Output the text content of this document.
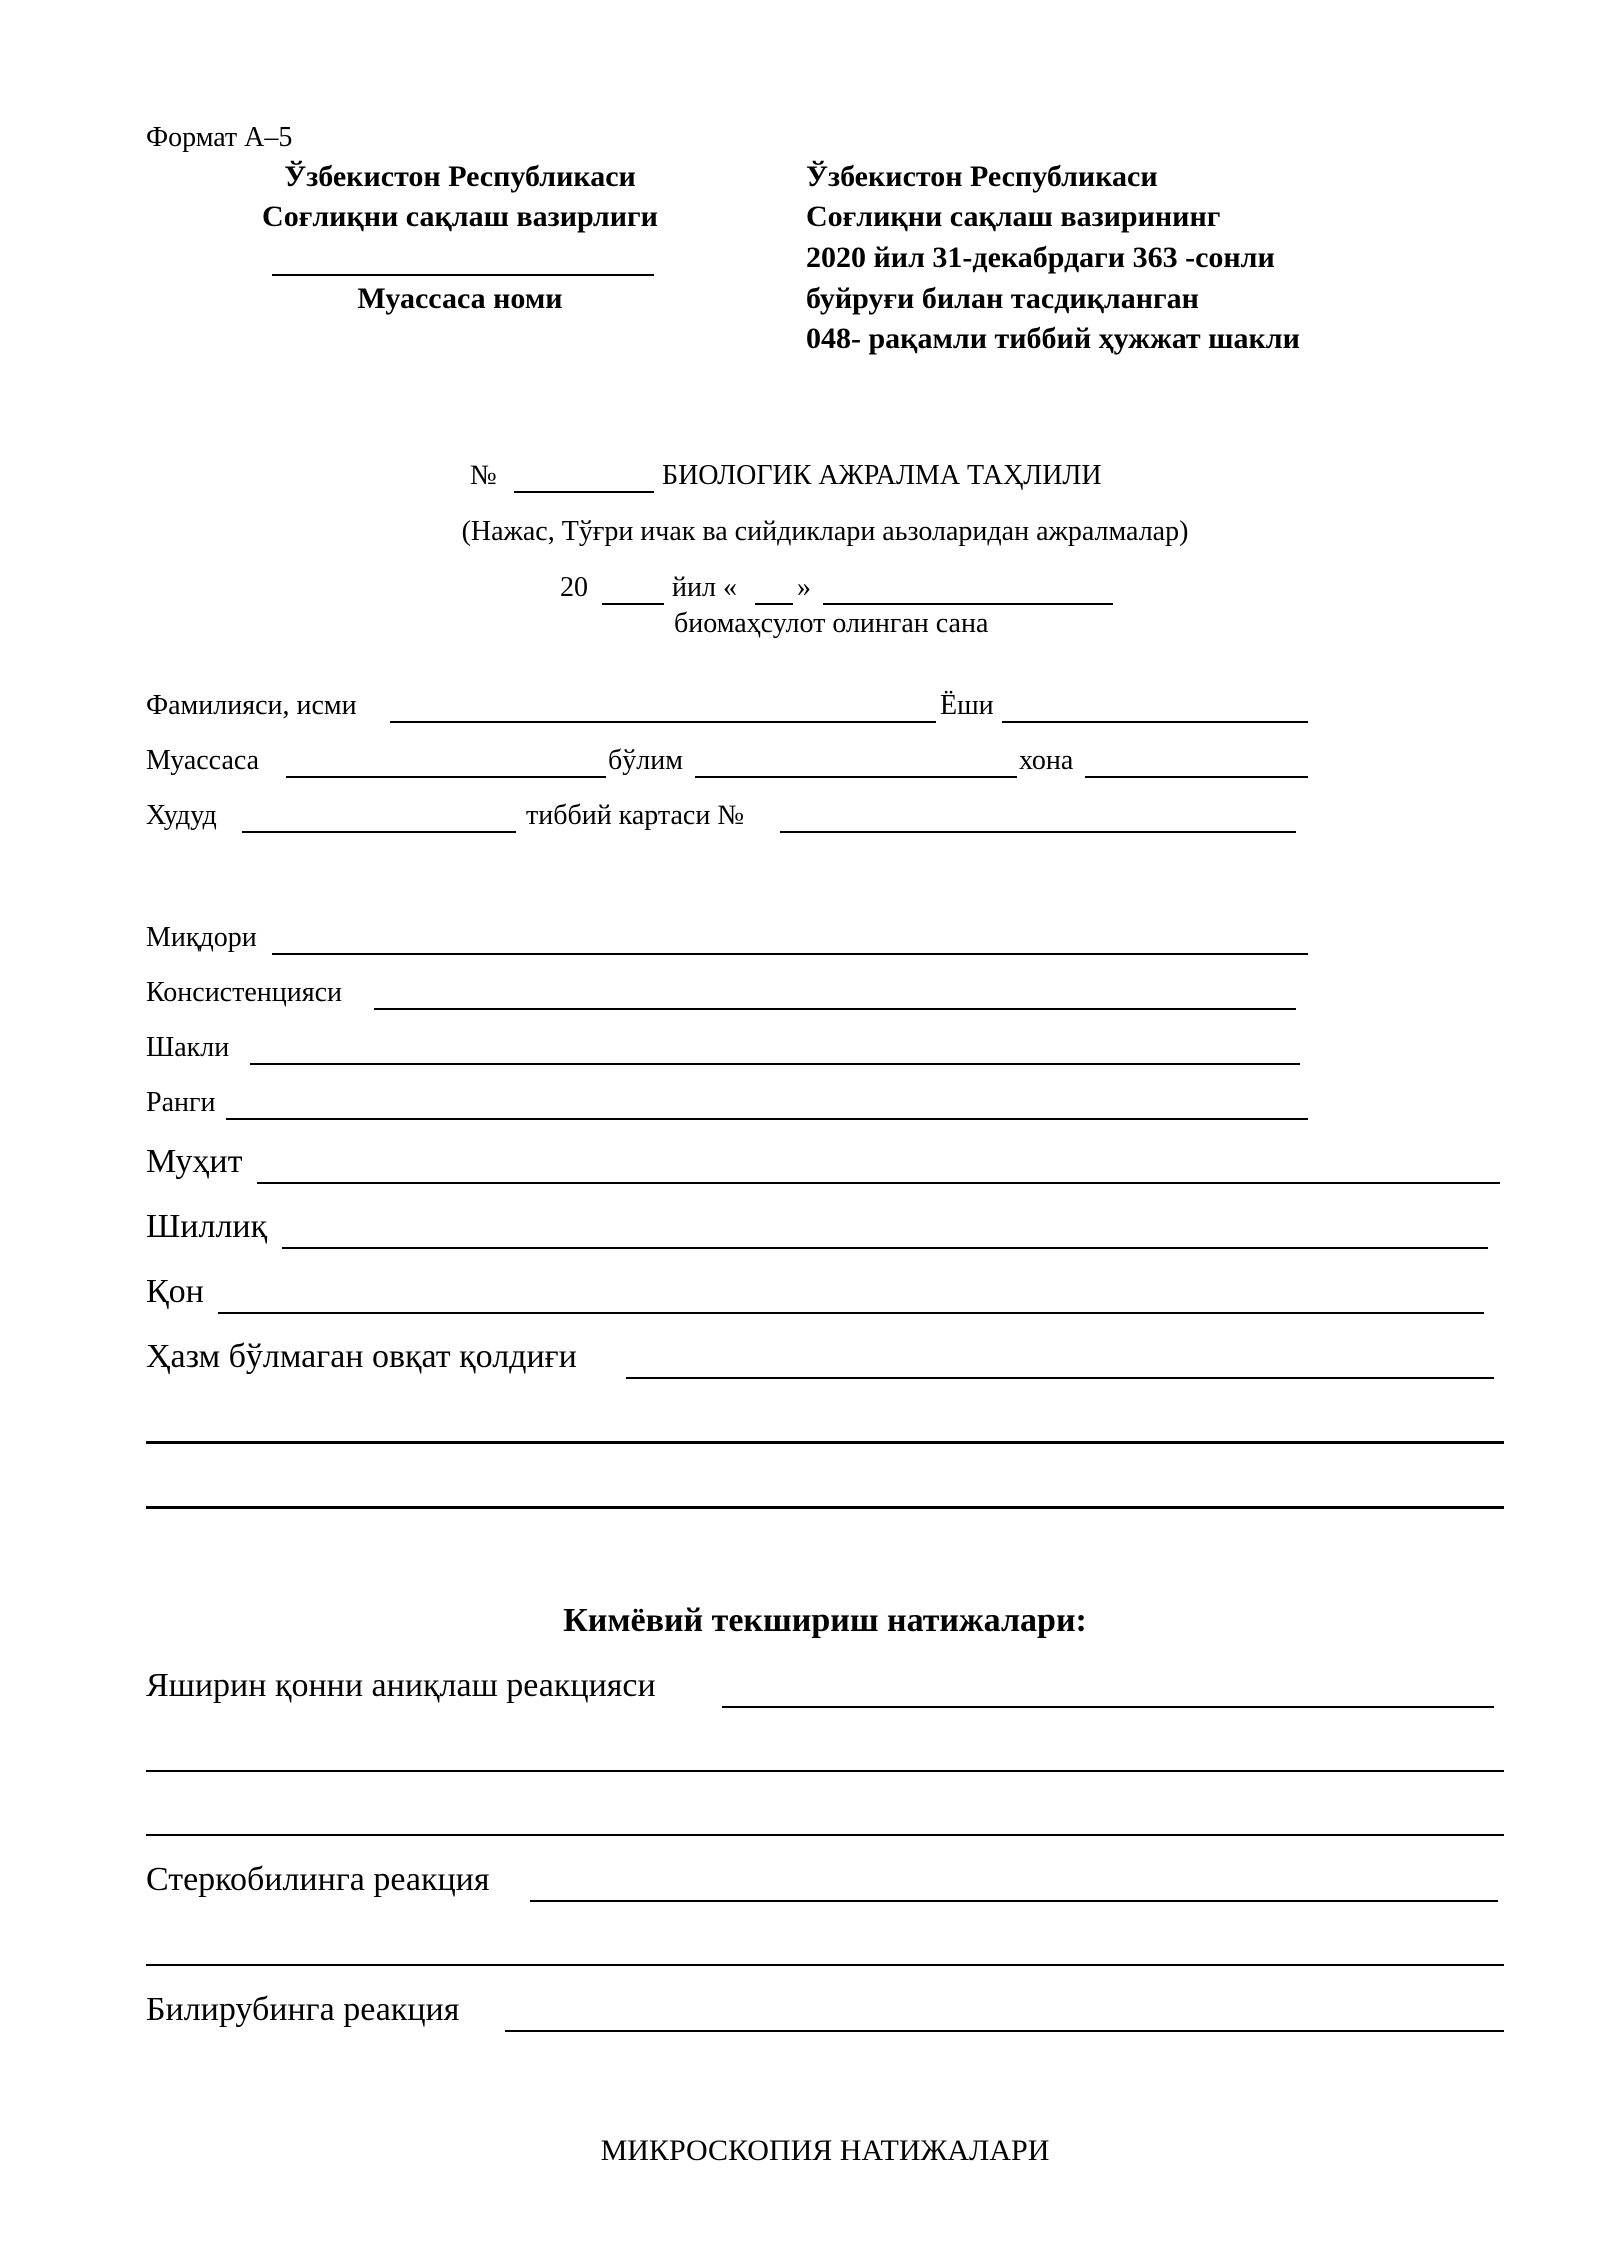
Формат А–5
Ўзбекистон Республикаси
Соғлиқни сақлаш вазирлиги
Муассаса номи
Ўзбекистон Республикаси
Соғлиқни сақлаш вазирининг
2020 йил 31-декабрдаги 363 -сонли
буйруғи билан тасдиқланган
048- рақамли тиббий ҳужжат шакли
№	БИОЛОГИК АЖРАЛМА ТАҲЛИЛИ
(Нажас, Тўғри ичак ва сийдиклари аьзоларидан ажралмалар)
20	йил « »
биомаҳсулот олинган сана
Фамилияси, исми	Ёши
Муассаса	бўлим	хона
Худуд	тиббий картаси №
Миқдори
Консистенцияси
Шакли
Ранги
Муҳит
Шиллиқ
Қон
Ҳазм бўлмаган овқат қолдиғи
Кимёвий текшириш натижалари:
Яширин қонни аниқлаш реакцияси
Стеркобилинга реакция
Билирубинга реакция
МИКРОСКОПИЯ НАТИЖАЛАРИ
